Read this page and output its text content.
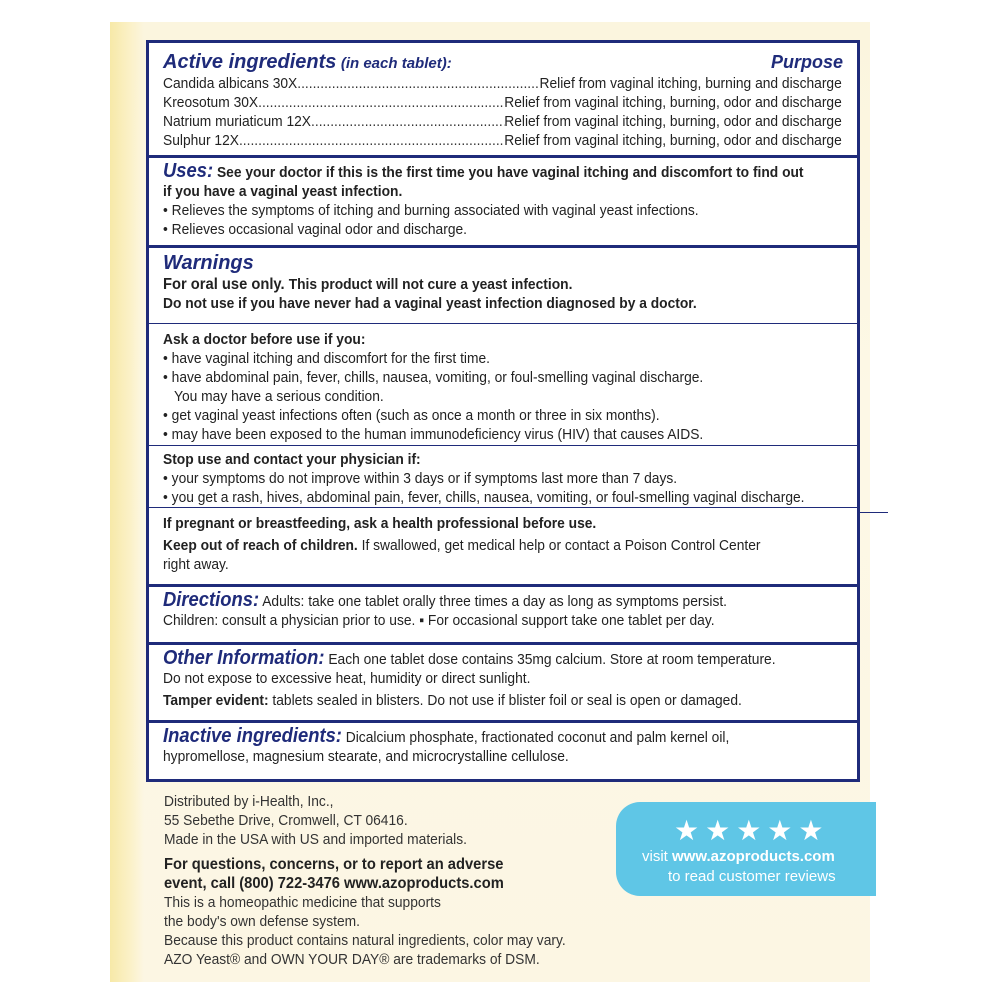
Active ingredients (in each tablet):	Purpose
Candida albicans 30X .....	Relief from vaginal itching, burning and discharge
Kreosotum 30X .....	Relief from vaginal itching, burning, odor and discharge
Natrium muriaticum 12X .....	Relief from vaginal itching, burning, odor and discharge
Sulphur 12X .....	Relief from vaginal itching, burning, odor and discharge
Uses: See your doctor if this is the first time you have vaginal itching and discomfort to find out
if you have a vaginal yeast infection.
• Relieves the symptoms of itching and burning associated with vaginal yeast infections.
• Relieves occasional vaginal odor and discharge.
Warnings
For oral use only. This product will not cure a yeast infection.
Do not use if you have never had a vaginal yeast infection diagnosed by a doctor.
Ask a doctor before use if you:
• have vaginal itching and discomfort for the first time.
• have abdominal pain, fever, chills, nausea, vomiting, or foul-smelling vaginal discharge.
You may have a serious condition.
• get vaginal yeast infections often (such as once a month or three in six months).
• may have been exposed to the human immunodeficiency virus (HIV) that causes AIDS.
Stop use and contact your physician if:
• your symptoms do not improve within 3 days or if symptoms last more than 7 days.
• you get a rash, hives, abdominal pain, fever, chills, nausea, vomiting, or foul-smelling vaginal discharge.
If pregnant or breastfeeding, ask a health professional before use.
Keep out of reach of children. If swallowed, get medical help or contact a Poison Control Center
right away.
Directions: Adults: take one tablet orally three times a day as long as symptoms persist.
Children: consult a physician prior to use. ▪ For occasional support take one tablet per day.
Other Information: Each one tablet dose contains 35mg calcium. Store at room temperature.
Do not expose to excessive heat, humidity or direct sunlight.
Tamper evident: tablets sealed in blisters. Do not use if blister foil or seal is open or damaged.
Inactive ingredients: Dicalcium phosphate, fractionated coconut and palm kernel oil,
hypromellose, magnesium stearate, and microcrystalline cellulose.
Distributed by i-Health, Inc.,
55 Sebethe Drive, Cromwell, CT 06416.
Made in the USA with US and imported materials.
For questions, concerns, or to report an adverse
event, call (800) 722-3476 www.azoproducts.com
This is a homeopathic medicine that supports
the body's own defense system.
Because this product contains natural ingredients, color may vary.
AZO Yeast® and OWN YOUR DAY® are trademarks of DSM.
★★★★★
visit www.azoproducts.com
to read customer reviews
